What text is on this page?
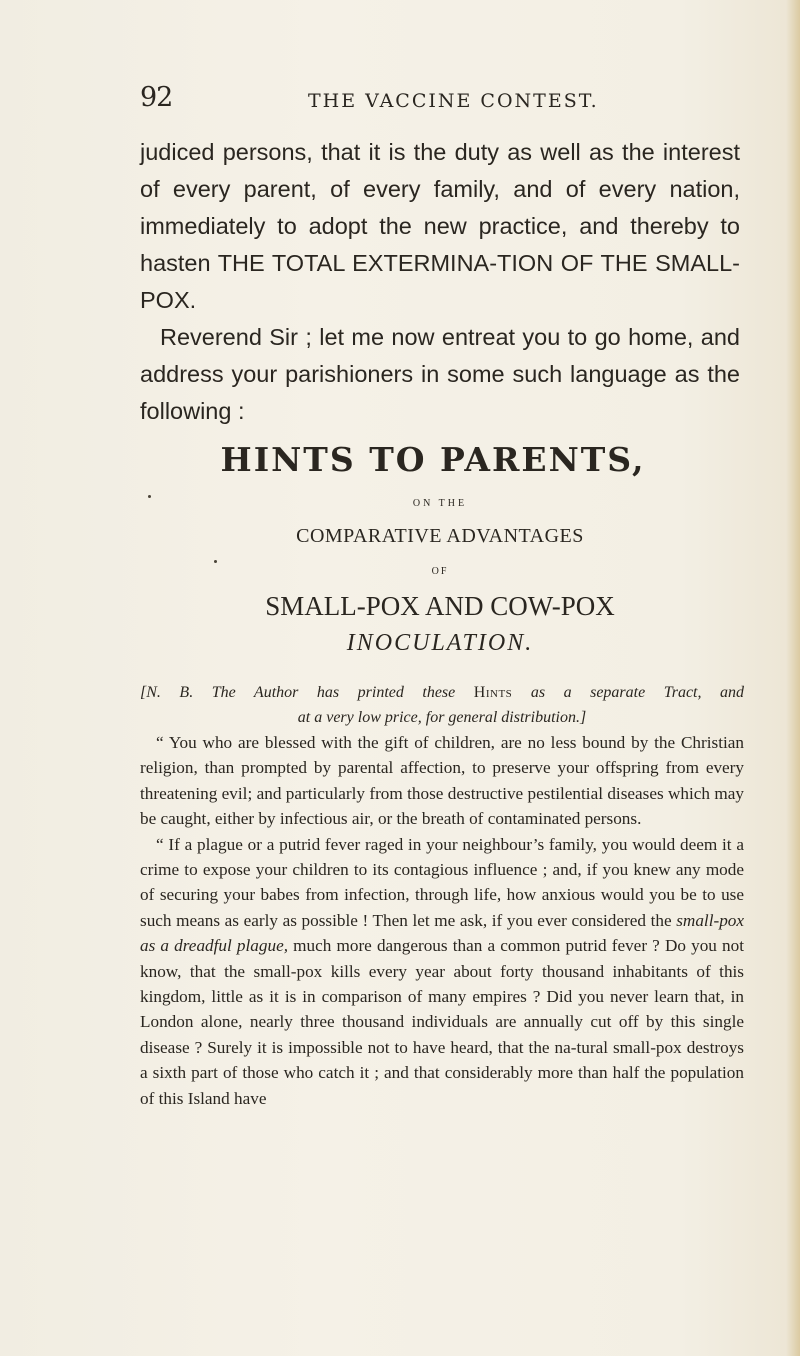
92	THE VACCINE CONTEST.

judiced persons, that it is the duty as well as the interest of every parent, of every family, and of every nation, immediately to adopt the new practice, and thereby to hasten THE TOTAL EXTERMINA-TION OF THE SMALL-POX.

Reverend Sir ; let me now entreat you to go home, and address your parishioners in some such language as the following :

HINTS TO PARENTS,
ON THE
COMPARATIVE ADVANTAGES
OF
SMALL-POX AND COW-POX
INOCULATION.
[N. B. The Author has printed these Hints as a separate Tract, and
at a very low price, for general distribution.]

“ You who are blessed with the gift of children, are no less bound by the Christian religion, than prompted by parental affection, to preserve your offspring from every threatening evil; and particularly from those destructive pestilential diseases which may be caught, either by infectious air, or the breath of contaminated persons.

“ If a plague or a putrid fever raged in your neighbour’s family, you would deem it a crime to expose your children to its contagious influence ; and, if you knew any mode of securing your babes from infection, through life, how anxious would you be to use such means as early as possible ! Then let me ask, if you ever considered the small-pox as a dreadful plague, much more dangerous than a common putrid fever ? Do you not know, that the small-pox kills every year about forty thousand inhabitants of this kingdom, little as it is in comparison of many empires ? Did you never learn that, in London alone, nearly three thousand individuals are annually cut off by this single disease ? Surely it is impossible not to have heard, that the na-tural small-pox destroys a sixth part of those who catch it ; and that considerably more than half the population of this Island have
